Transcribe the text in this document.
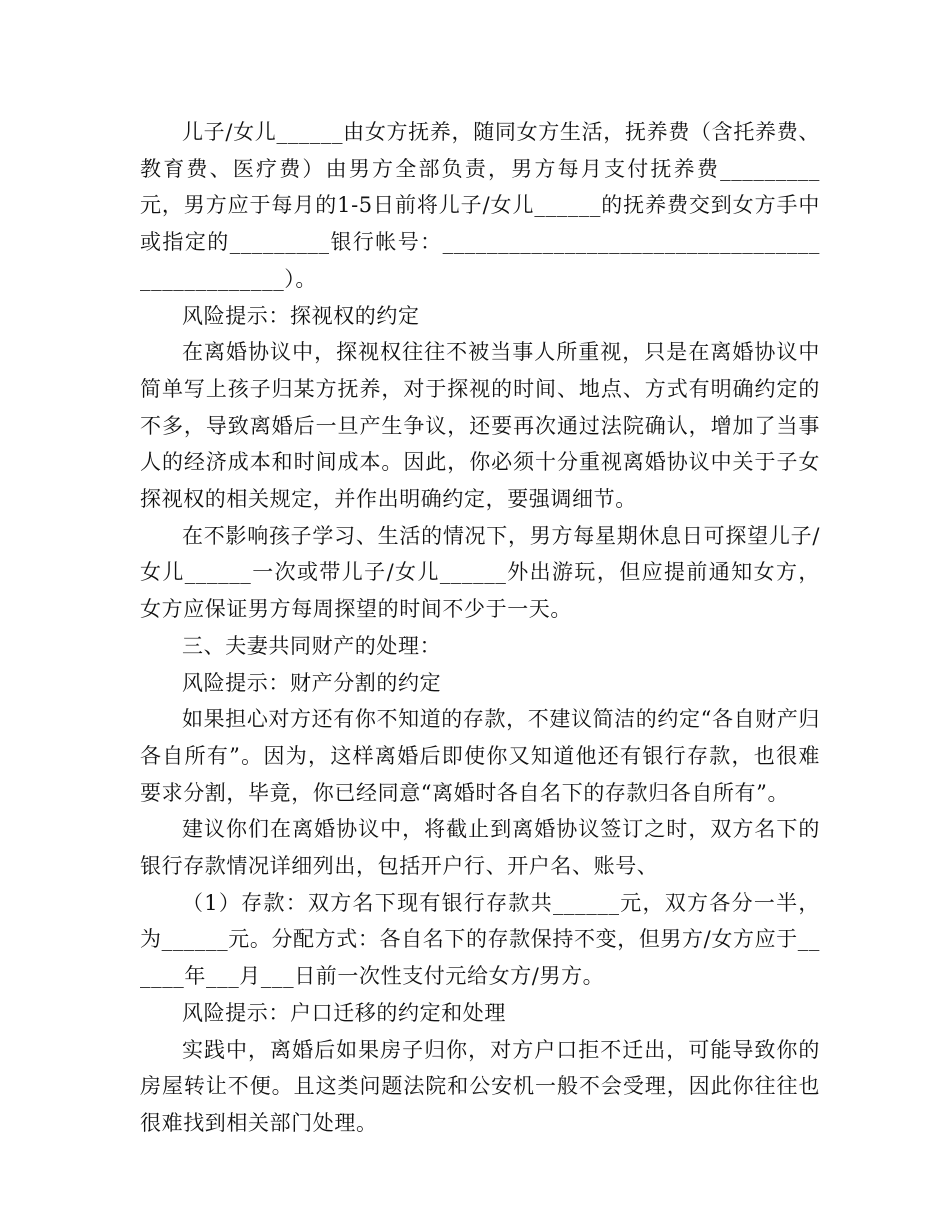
儿子/女儿______由女方抚养，随同女方生活，抚养费（含托养费、教育费、医疗费）由男方全部负责，男方每月支付抚养费_________元，男方应于每月的1-5日前将儿子/女儿______的抚养费交到女方手中或指定的_________银行帐号：_______________________________________________）。

风险提示：探视权的约定

在离婚协议中，探视权往往不被当事人所重视，只是在离婚协议中简单写上孩子归某方抚养，对于探视的时间、地点、方式有明确约定的不多，导致离婚后一旦产生争议，还要再次通过法院确认，增加了当事人的经济成本和时间成本。因此，你必须十分重视离婚协议中关于子女探视权的相关规定，并作出明确约定，要强调细节。

在不影响孩子学习、生活的情况下，男方每星期休息日可探望儿子/女儿______一次或带儿子/女儿______外出游玩，但应提前通知女方，女方应保证男方每周探望的时间不少于一天。

三、夫妻共同财产的处理：

风险提示：财产分割的约定

如果担心对方还有你不知道的存款，不建议简洁的约定“各自财产归各自所有”。因为，这样离婚后即使你又知道他还有银行存款，也很难要求分割，毕竟，你已经同意“离婚时各自名下的存款归各自所有”。

建议你们在离婚协议中，将截止到离婚协议签订之时，双方名下的银行存款情况详细列出，包括开户行、开户名、账号、

（1）存款：双方名下现有银行存款共______元，双方各分一半，为______元。分配方式：各自名下的存款保持不变，但男方/女方应于______年___月___日前一次性支付元给女方/男方。

风险提示：户口迁移的约定和处理

实践中，离婚后如果房子归你，对方户口拒不迁出，可能导致你的房屋转让不便。且这类问题法院和公安机一般不会受理，因此你往往也很难找到相关部门处理。
